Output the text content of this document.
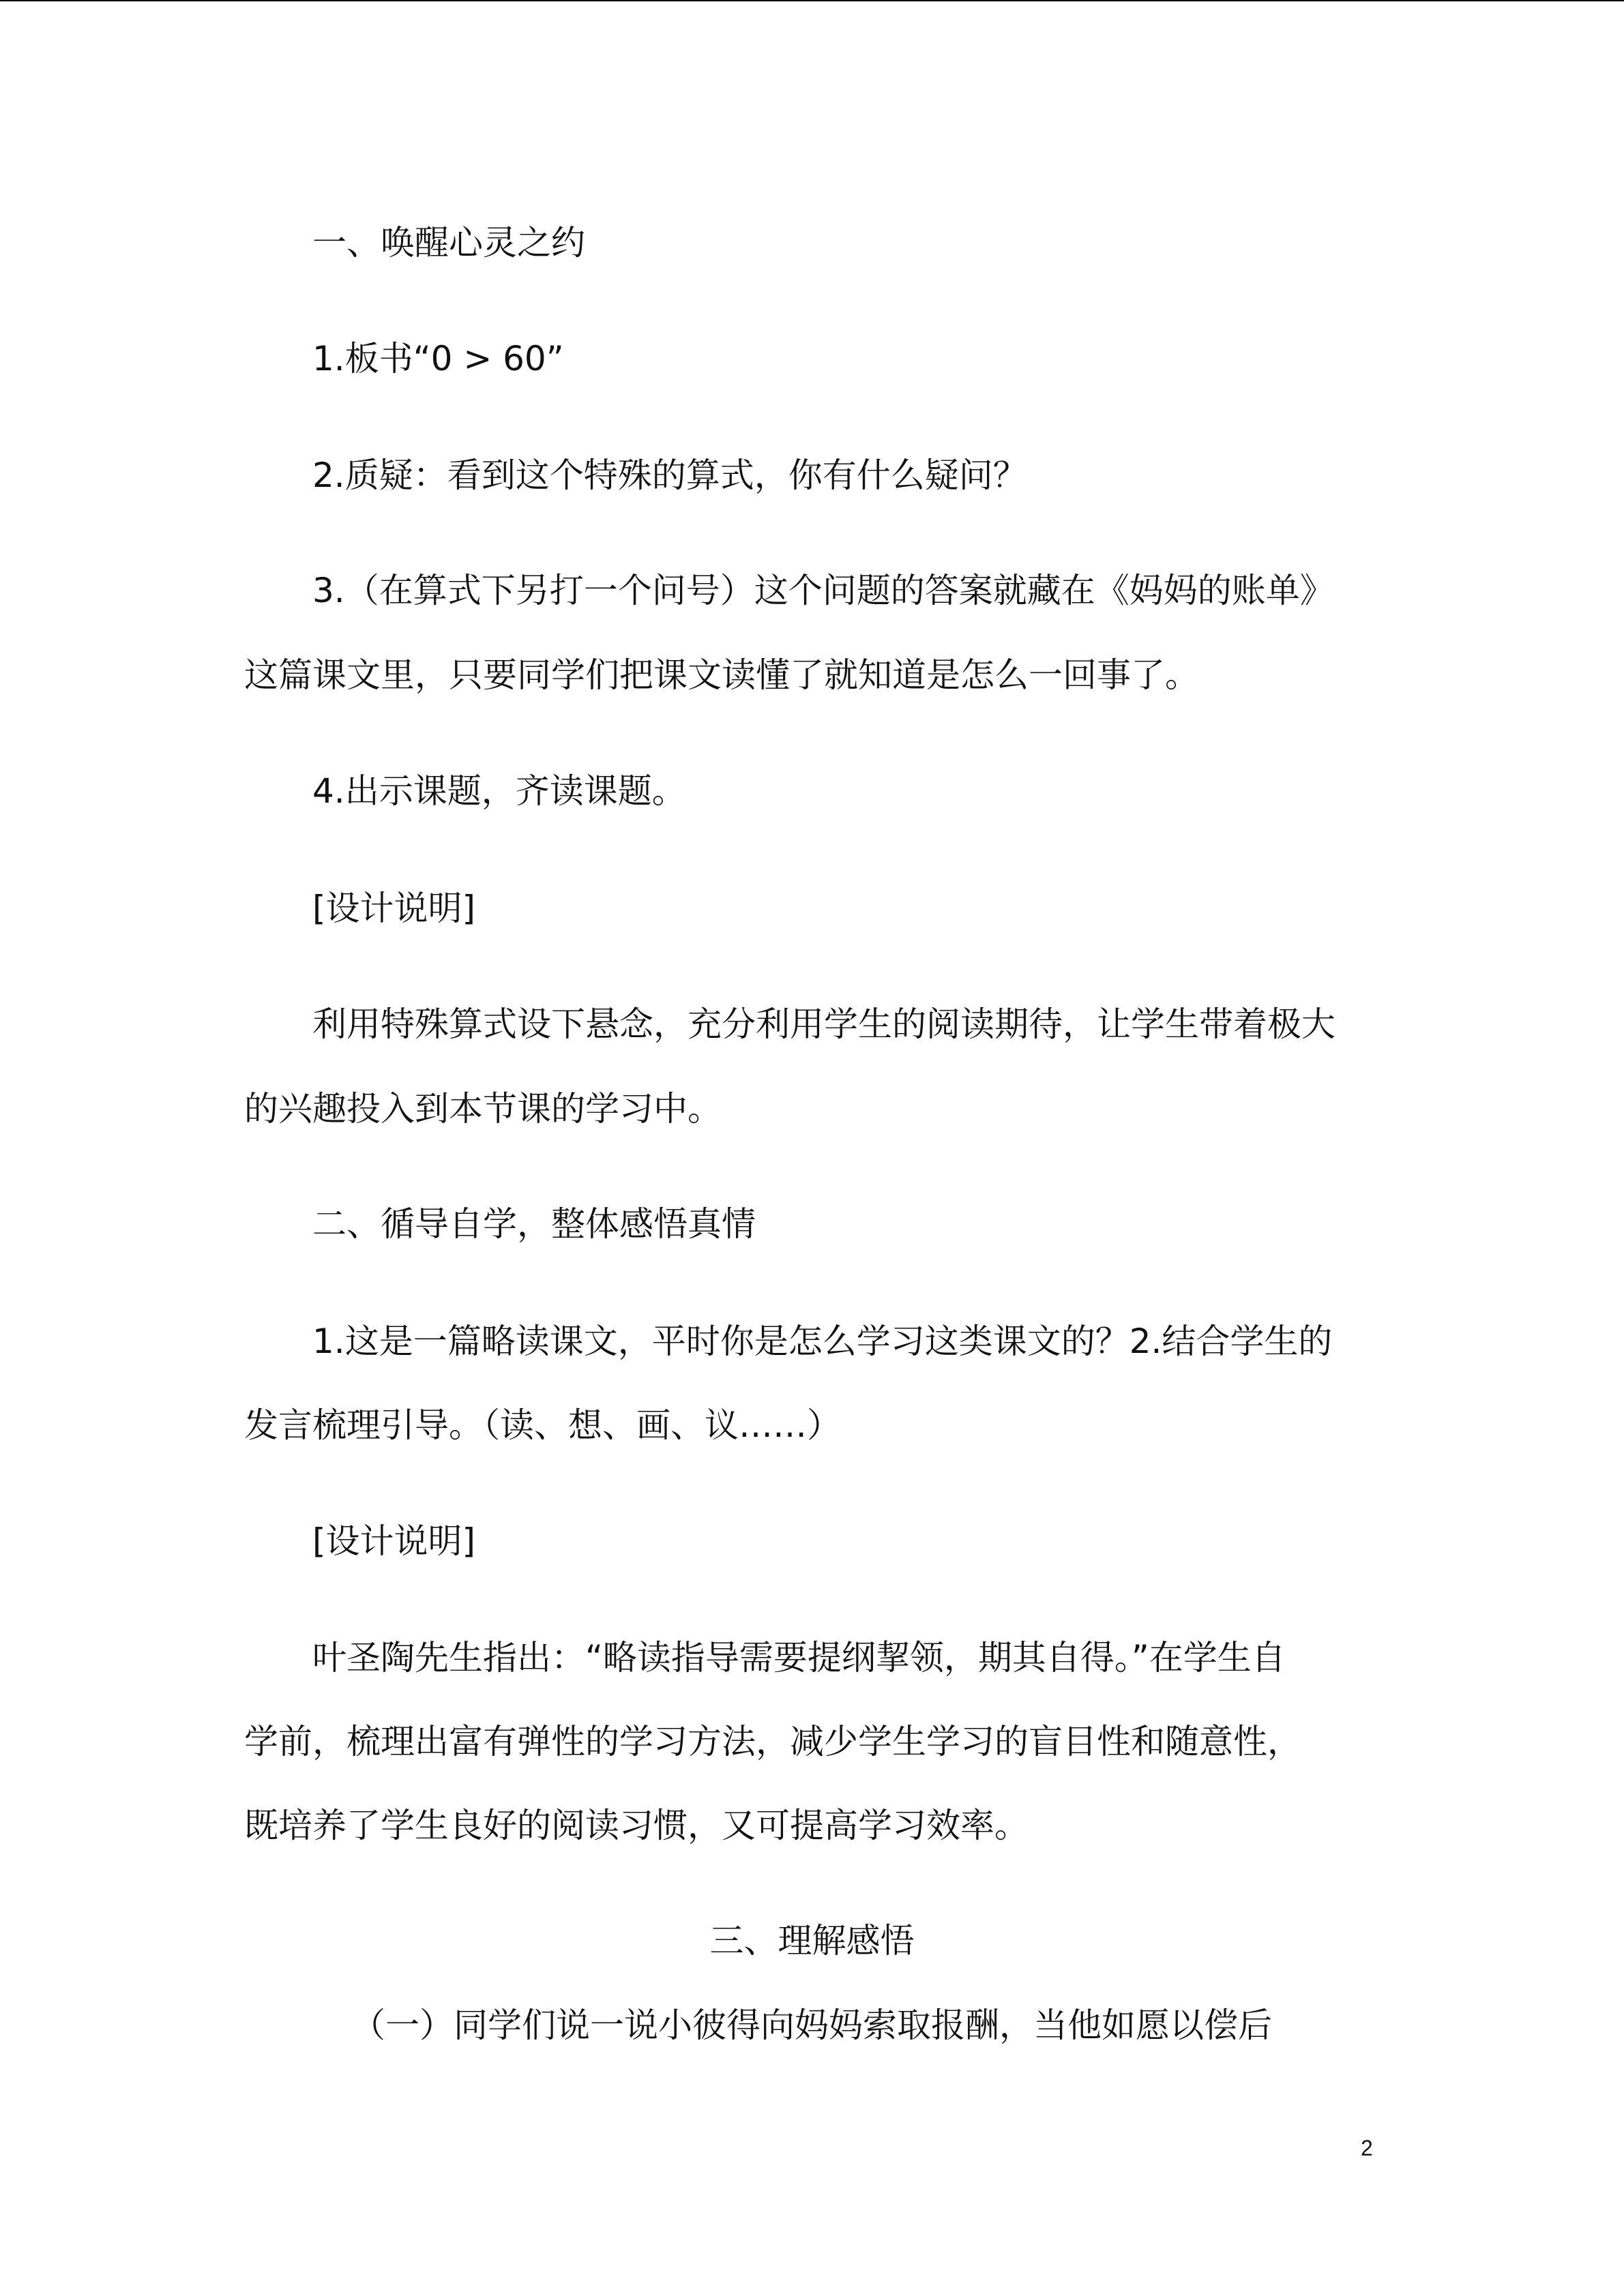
一、唤醒心灵之约
1.板书“0 > 60”
2.质疑：看到这个特殊的算式，你有什么疑问？
3.（在算式下另打一个问号）这个问题的答案就藏在《妈妈的账单》
这篇课文里，只要同学们把课文读懂了就知道是怎么一回事了。
4.出示课题，齐读课题。
[设计说明]
利用特殊算式设下悬念，充分利用学生的阅读期待，让学生带着极大
的兴趣投入到本节课的学习中。
二、循导自学，整体感悟真情
1.这是一篇略读课文，平时你是怎么学习这类课文的？2.结合学生的
发言梳理引导。（读、想、画、议……）
[设计说明]
叶圣陶先生指出：“略读指导需要提纲挈领，期其自得。”在学生自
学前，梳理出富有弹性的学习方法，减少学生学习的盲目性和随意性，
既培养了学生良好的阅读习惯，又可提高学习效率。
三、理解感悟
（一）同学们说一说小彼得向妈妈索取报酬，当他如愿以偿后
2
